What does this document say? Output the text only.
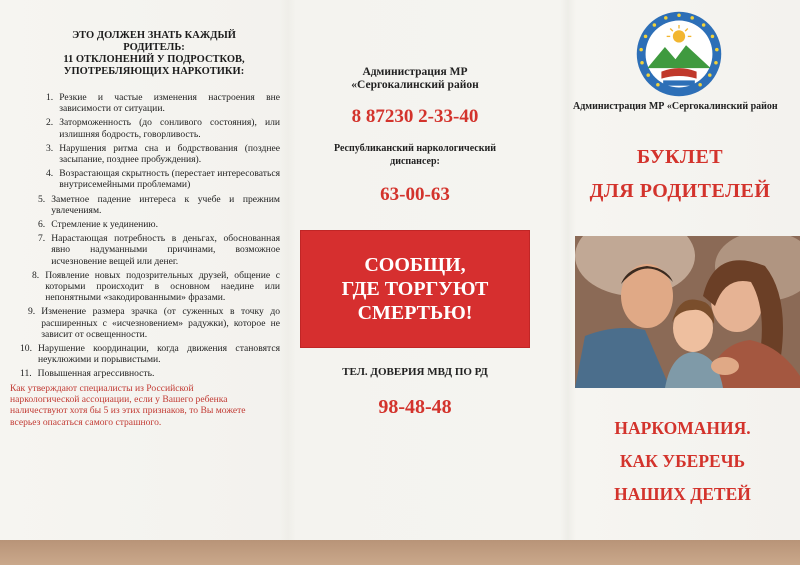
ЭТО ДОЛЖЕН ЗНАТЬ КАЖДЫЙ
РОДИТЕЛЬ:
11 ОТКЛОНЕНИЙ У ПОДРОСТКОВ,
УПОТРЕБЛЯЮЩИХ НАРКОТИКИ:
1. Резкие и частые изменения настроения вне зависимости от ситуации.
2. Заторможенность (до сонливого состояния), или излишняя бодрость, говорливость.
3. Нарушения ритма сна и бодрствования (позднее засыпание, позднее пробуждения).
4. Возрастающая скрытность (перестает интересоваться внутрисемейными проблемами)
5. Заметное падение интереса к учебе и прежним увлечениям.
6. Стремление к уединению.
7. Нарастающая потребность в деньгах, обоснованная явно надуманными причинами, возможное исчезновение вещей или денег.
8. Появление новых подозрительных друзей, общение с которыми происходит в основном наедине или непонятными «закодированными» фразами.
9. Изменение размера зрачка (от суженных в точку до расширенных с «исчезновением» радужки), которое не зависит от освещенности.
10. Нарушение координации, когда движения становятся неуклюжими и порывистыми.
11. Повышенная агрессивность.
Как утверждают специалисты из Российской наркологической ассоциации, если у Вашего ребенка наличествуют хотя бы 5 из этих признаков, то Вы можете всерьез опасаться самого страшного.
Администрация МР
«Сергокалинский район
8 87230 2-33-40
Республиканский наркологический
диспансер:
63-00-63
СООБЩИ,
ГДЕ ТОРГУЮТ
СМЕРТЬЮ!
ТЕЛ. ДОВЕРИЯ МВД ПО РД
98-48-48
Администрация МР «Сергокалинский район
БУКЛЕТ
ДЛЯ РОДИТЕЛЕЙ
НАРКОМАНИЯ.
КАК УБЕРЕЧЬ
НАШИХ ДЕТЕЙ
